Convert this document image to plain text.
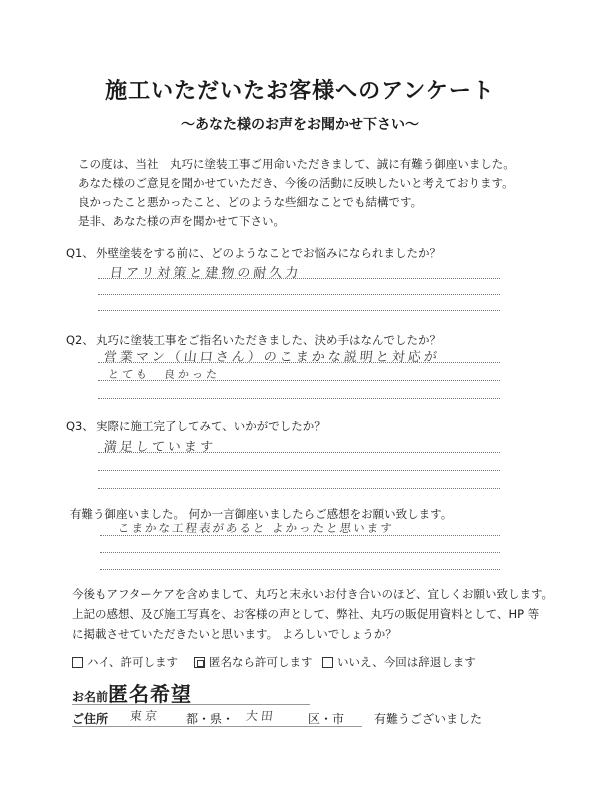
施工いただいたお客様へのアンケート
～あなた様のお声をお聞かせ下さい～
この度は、当社　丸巧に塗装工事ご用命いただきまして、誠に有難う御座いました。
あなた様のご意見を聞かせていただき、今後の活動に反映したいと考えております。
良かったこと悪かったこと、どのような些細なことでも結構です。
是非、あなた様の声を聞かせて下さい。
Q1、 外壁塗装をする前に、どのようなことでお悩みになられましたか？
日アリ対策と建物の耐久力
Q2、 丸巧に塗装工事をご指名いただきました、決め手はなんでしたか？
営業マン（山口さん）のこまかな説明と対応が
とても　良かった
Q3、 実際に施工完了してみて、いかがでしたか？
満足しています
有難う御座いました。 何か一言御座いましたらご感想をお願い致します。
こまかな工程表があると よかったと思います
今後もアフターケアを含めまして、丸巧と末永いお付き合いのほど、宜しくお願い致します。
上記の感想、及び施工写真を、お客様の声として、弊社、丸巧の販促用資料として、HP 等
に掲載させていただきたいと思います。 よろしいでしょうか？
ハイ、許可します	匿名なら許可します いいえ、今回は辞退します
お名前 匿名希望
ご住所 東京 都・県・ 大田	区・市 有難うございました
